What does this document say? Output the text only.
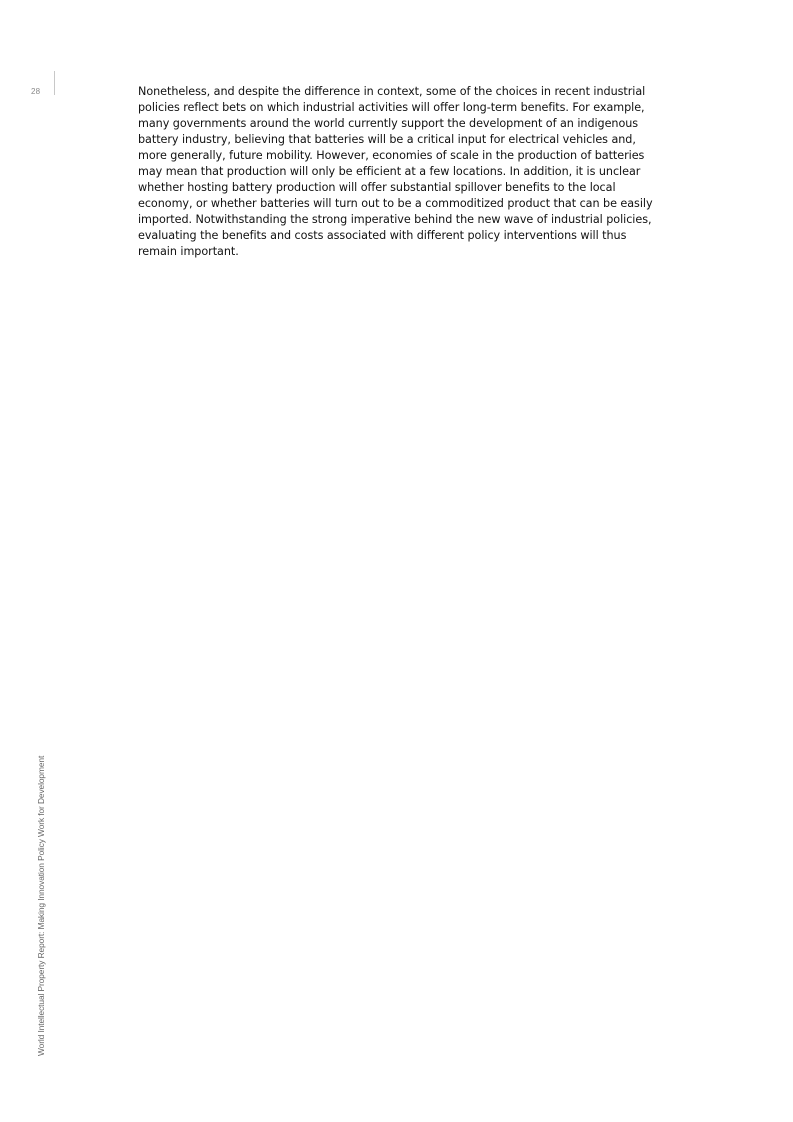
28	Nonetheless, and despite the difference in context, some of the choices in recent industrial policies reflect bets on which industrial activities will offer long-term benefits. For example, many governments around the world currently support the development of an indigenous battery industry, believing that batteries will be a critical input for electrical vehicles and, more generally, future mobility. However, economies of scale in the production of batteries may mean that production will only be efficient at a few locations. In addition, it is unclear whether hosting battery production will offer substantial spillover benefits to the local economy, or whether batteries will turn out to be a commoditized product that can be easily imported. Notwithstanding the strong imperative behind the new wave of industrial policies, evaluating the benefits and costs associated with different policy interventions will thus remain important.

World Intellectual Property Report: Making Innovation Policy Work for Development
